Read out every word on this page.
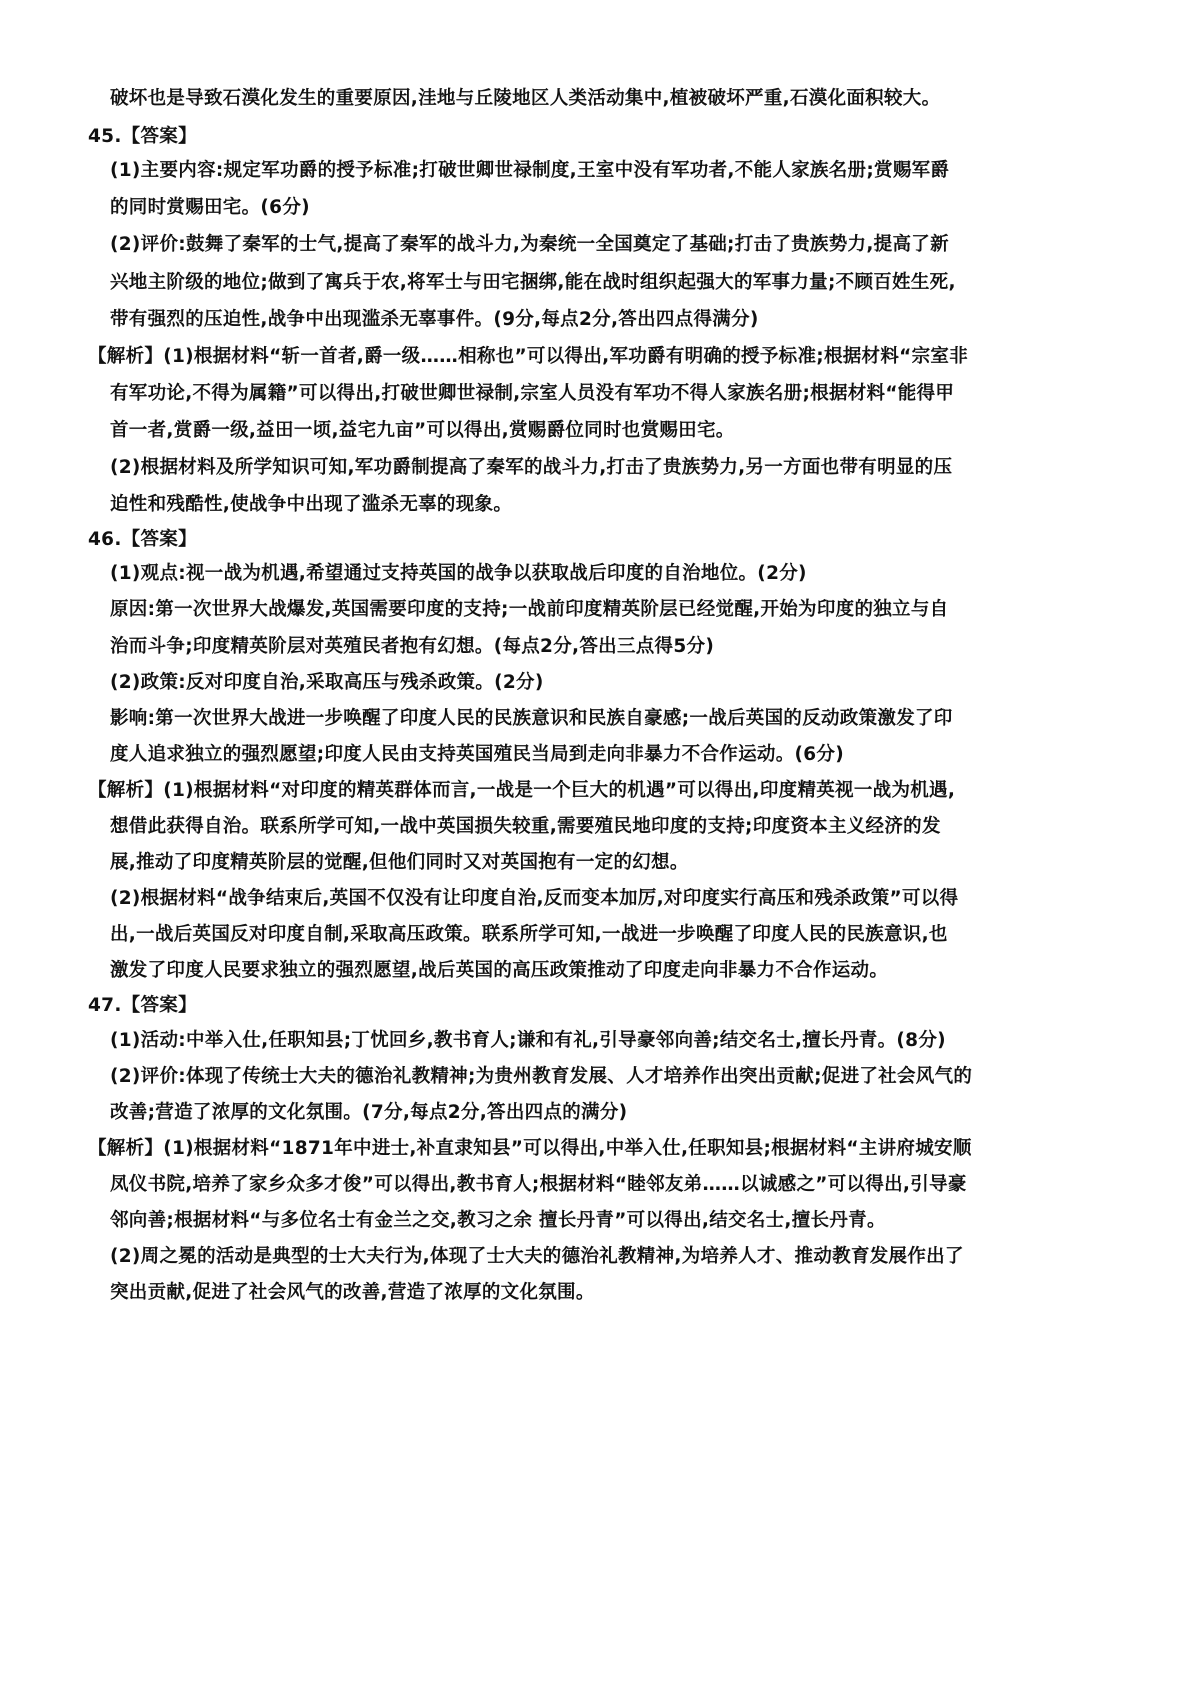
破坏也是导致石漠化发生的重要原因,洼地与丘陵地区人类活动集中,植被破坏严重,石漠化面积较大。
45.【答案】
(1)主要内容:规定军功爵的授予标准;打破世卿世禄制度,王室中没有军功者,不能人家族名册;赏赐军爵
的同时赏赐田宅。(6分)
(2)评价:鼓舞了秦军的士气,提高了秦军的战斗力,为秦统一全国奠定了基础;打击了贵族势力,提高了新
兴地主阶级的地位;做到了寓兵于农,将军士与田宅捆绑,能在战时组织起强大的军事力量;不顾百姓生死,
带有强烈的压迫性,战争中出现滥杀无辜事件。(9分,每点2分,答出四点得满分)
【解析】(1)根据材料“斩一首者,爵一级……相称也”可以得出,军功爵有明确的授予标准;根据材料“宗室非
有军功论,不得为属籍”可以得出,打破世卿世禄制,宗室人员没有军功不得人家族名册;根据材料“能得甲
首一者,赏爵一级,益田一顷,益宅九亩”可以得出,赏赐爵位同时也赏赐田宅。
(2)根据材料及所学知识可知,军功爵制提高了秦军的战斗力,打击了贵族势力,另一方面也带有明显的压
迫性和残酷性,使战争中出现了滥杀无辜的现象。
46.【答案】
(1)观点:视一战为机遇,希望通过支持英国的战争以获取战后印度的自治地位。(2分)
原因:第一次世界大战爆发,英国需要印度的支持;一战前印度精英阶层已经觉醒,开始为印度的独立与自
治而斗争;印度精英阶层对英殖民者抱有幻想。(每点2分,答出三点得5分)
(2)政策:反对印度自治,采取高压与残杀政策。(2分)
影响:第一次世界大战进一步唤醒了印度人民的民族意识和民族自豪感;一战后英国的反动政策激发了印
度人追求独立的强烈愿望;印度人民由支持英国殖民当局到走向非暴力不合作运动。(6分)
【解析】(1)根据材料“对印度的精英群体而言,一战是一个巨大的机遇”可以得出,印度精英视一战为机遇,
想借此获得自治。联系所学可知,一战中英国损失较重,需要殖民地印度的支持;印度资本主义经济的发
展,推动了印度精英阶层的觉醒,但他们同时又对英国抱有一定的幻想。
(2)根据材料“战争结束后,英国不仅没有让印度自治,反而变本加厉,对印度实行高压和残杀政策”可以得
出,一战后英国反对印度自制,采取高压政策。联系所学可知,一战进一步唤醒了印度人民的民族意识,也
激发了印度人民要求独立的强烈愿望,战后英国的高压政策推动了印度走向非暴力不合作运动。
47.【答案】
(1)活动:中举入仕,任职知县;丁忧回乡,教书育人;谦和有礼,引导豪邻向善;结交名士,擅长丹青。(8分)
(2)评价:体现了传统士大夫的德治礼教精神;为贵州教育发展、人才培养作出突出贡献;促进了社会风气的
改善;营造了浓厚的文化氛围。(7分,每点2分,答出四点的满分)
【解析】(1)根据材料“1871年中进士,补直隶知县”可以得出,中举入仕,任职知县;根据材料“主讲府城安顺
凤仪书院,培养了家乡众多才俊”可以得出,教书育人;根据材料“睦邻友弟……以诚感之”可以得出,引导豪
邻向善;根据材料“与多位名士有金兰之交,教习之余 擅长丹青”可以得出,结交名士,擅长丹青。
(2)周之冕的活动是典型的士大夫行为,体现了士大夫的德治礼教精神,为培养人才、推动教育发展作出了
突出贡献,促进了社会风气的改善,营造了浓厚的文化氛围。
